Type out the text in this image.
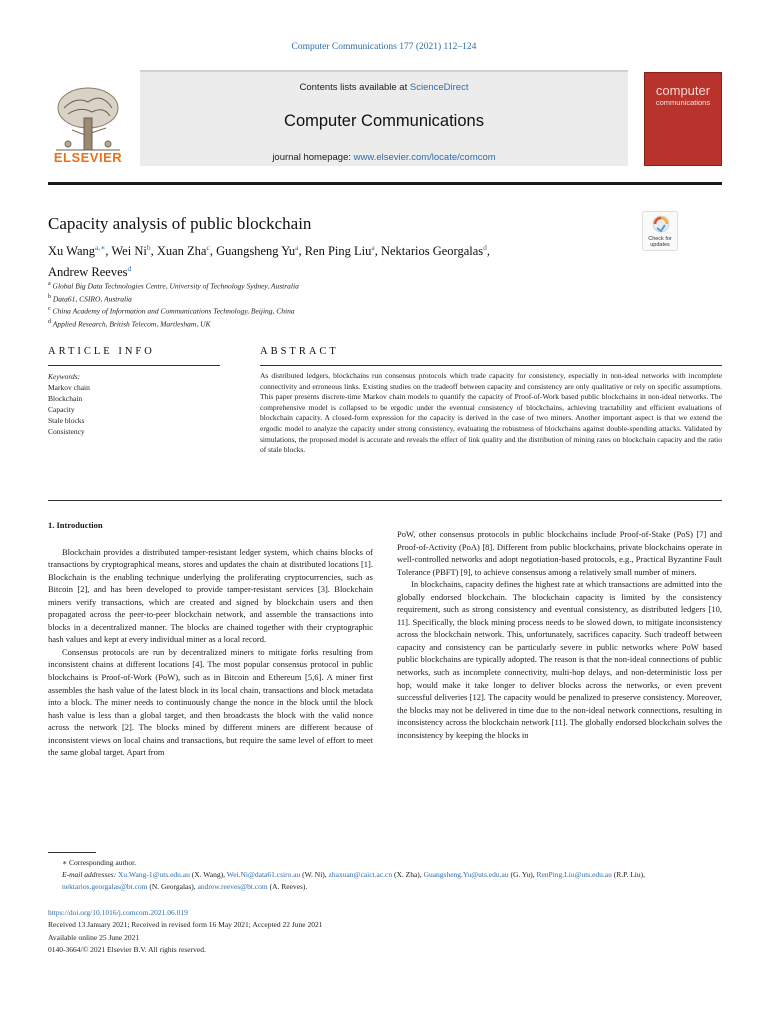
Computer Communications 177 (2021) 112–124
ELSEVIER
Contents lists available at ScienceDirect
Computer Communications
journal homepage: www.elsevier.com/locate/comcom
computer
communications
Capacity analysis of public blockchain
Check for updates
Xu Wang$^{a,∗}$, Wei Ni$^b$, Xuan Zha$^c$, Guangsheng Yu$^a$, Ren Ping Liu$^a$, Nektarios Georgalas$^d$,
Andrew Reeves$^d$
$^a$ Global Big Data Technologies Centre, University of Technology Sydney, Australia
$^b$ Data61, CSIRO, Australia
$^c$ China Academy of Information and Communications Technology, Beijing, China
$^d$ Applied Research, British Telecom, Martlesham, UK
ARTICLE INFO
Keywords:
Markov chain
Blockchain
Capacity
Stale blocks
Consistency
ABSTRACT
As distributed ledgers, blockchains run consensus protocols which trade capacity for consistency, especially in non-ideal networks with incomplete connectivity and erroneous links. Existing studies on the tradeoff between capacity and consistency are only qualitative or rely on specific assumptions. This paper presents discrete-time Markov chain models to quantify the capacity of Proof-of-Work based public blockchains in non-ideal networks. The comprehensive model is collapsed to be ergodic under the eventual consistency of blockchains, achieving tractability and efficient evaluations of blockchain capacity. A closed-form expression for the capacity is derived in the case of two miners. Another important aspect is that we extend the ergodic model to analyze the capacity under strong consistency, evaluating the robustness of blockchains against double-spending attacks. Validated by simulations, the proposed model is accurate and reveals the effect of link quality and the distribution of mining rates on blockchain capacity and the ratio of stale blocks.
1. Introduction

Blockchain provides a distributed tamper-resistant ledger system, which chains blocks of transactions by cryptographical means, stores and updates the chain at distributed locations [1]. Blockchain is the enabling technique underlying the proliferating cryptocurrencies, such as Bitcoin [2], and has been developed to provide tamper-resistant services [3]. Blockchain miners verify transactions, which are created and signed by blockchain users and then propagated across the peer-to-peer blockchain network, and assemble the transactions into blocks in a decentralized manner. The blocks are chained together with their cryptographic hash values and kept at every individual miner as a local record.

Consensus protocols are run by decentralized miners to mitigate forks resulting from inconsistent chains at different locations [4]. The most popular consensus protocol in public blockchains is Proof-of-Work (PoW), such as in Bitcoin and Ethereum [5,6]. A miner first assembles the hash value of the latest block in its local chain, transactions and block metadata into a block. The miner needs to continuously change the nonce in the block until the block hash value is less than a global target, and then broadcasts the block with the valid nonce across the network [2]. The blocks mined by different miners are different because of inconsistent views on local chains and transactions, but require the same level of effort to meet the same global target. Apart from

PoW, other consensus protocols in public blockchains include Proof-of-Stake (PoS) [7] and Proof-of-Activity (PoA) [8]. Different from public blockchains, private blockchains operate in well-controlled networks and adopt negotiation-based protocols, e.g., Practical Byzantine Fault Tolerance (PBFT) [9], to achieve consensus among a relatively small number of miners.

In blockchains, capacity defines the highest rate at which transactions are admitted into the globally endorsed blockchain. The blockchain capacity is limited by the consistency requirement, such as strong consistency and eventual consistency, as distributed ledgers [10, 11]. Specifically, the block mining process needs to be slowed down, to mitigate inconsistency across the blockchain network. This, unfortunately, sacrifices capacity. Such tradeoff between capacity and consistency can be particularly severe in public networks where PoW based public blockchains are typically adopted. The reason is that the non-ideal connections of public networks, such as incomplete connectivity, multi-hop delays, and non-deterministic loss per hop, would make it take longer to deliver blocks across the networks, or even prevent successful deliveries [12]. The capacity would be penalized to preserve consistency. Moreover, the blocks may not be delivered in time due to the non-ideal network connections, resulting in inconsistency across the blockchain network [11]. The globally endorsed blockchain solves the inconsistency by keeping the blocks in

∗ Corresponding author.
E-mail addresses: Xu.Wang-1@uts.edu.au (X. Wang), Wei.Ni@data61.csiro.au (W. Ni), zhaxuan@caict.ac.cn (X. Zha), Guangsheng.Yu@uts.edu.au (G. Yu), RenPing.Liu@uts.edu.au (R.P. Liu), nektarios.georgalas@bt.com (N. Georgalas), andrew.reeves@bt.com (A. Reeves).
https://doi.org/10.1016/j.comcom.2021.06.019
Received 13 January 2021; Received in revised form 16 May 2021; Accepted 22 June 2021
Available online 25 June 2021
0140-3664/© 2021 Elsevier B.V. All rights reserved.
